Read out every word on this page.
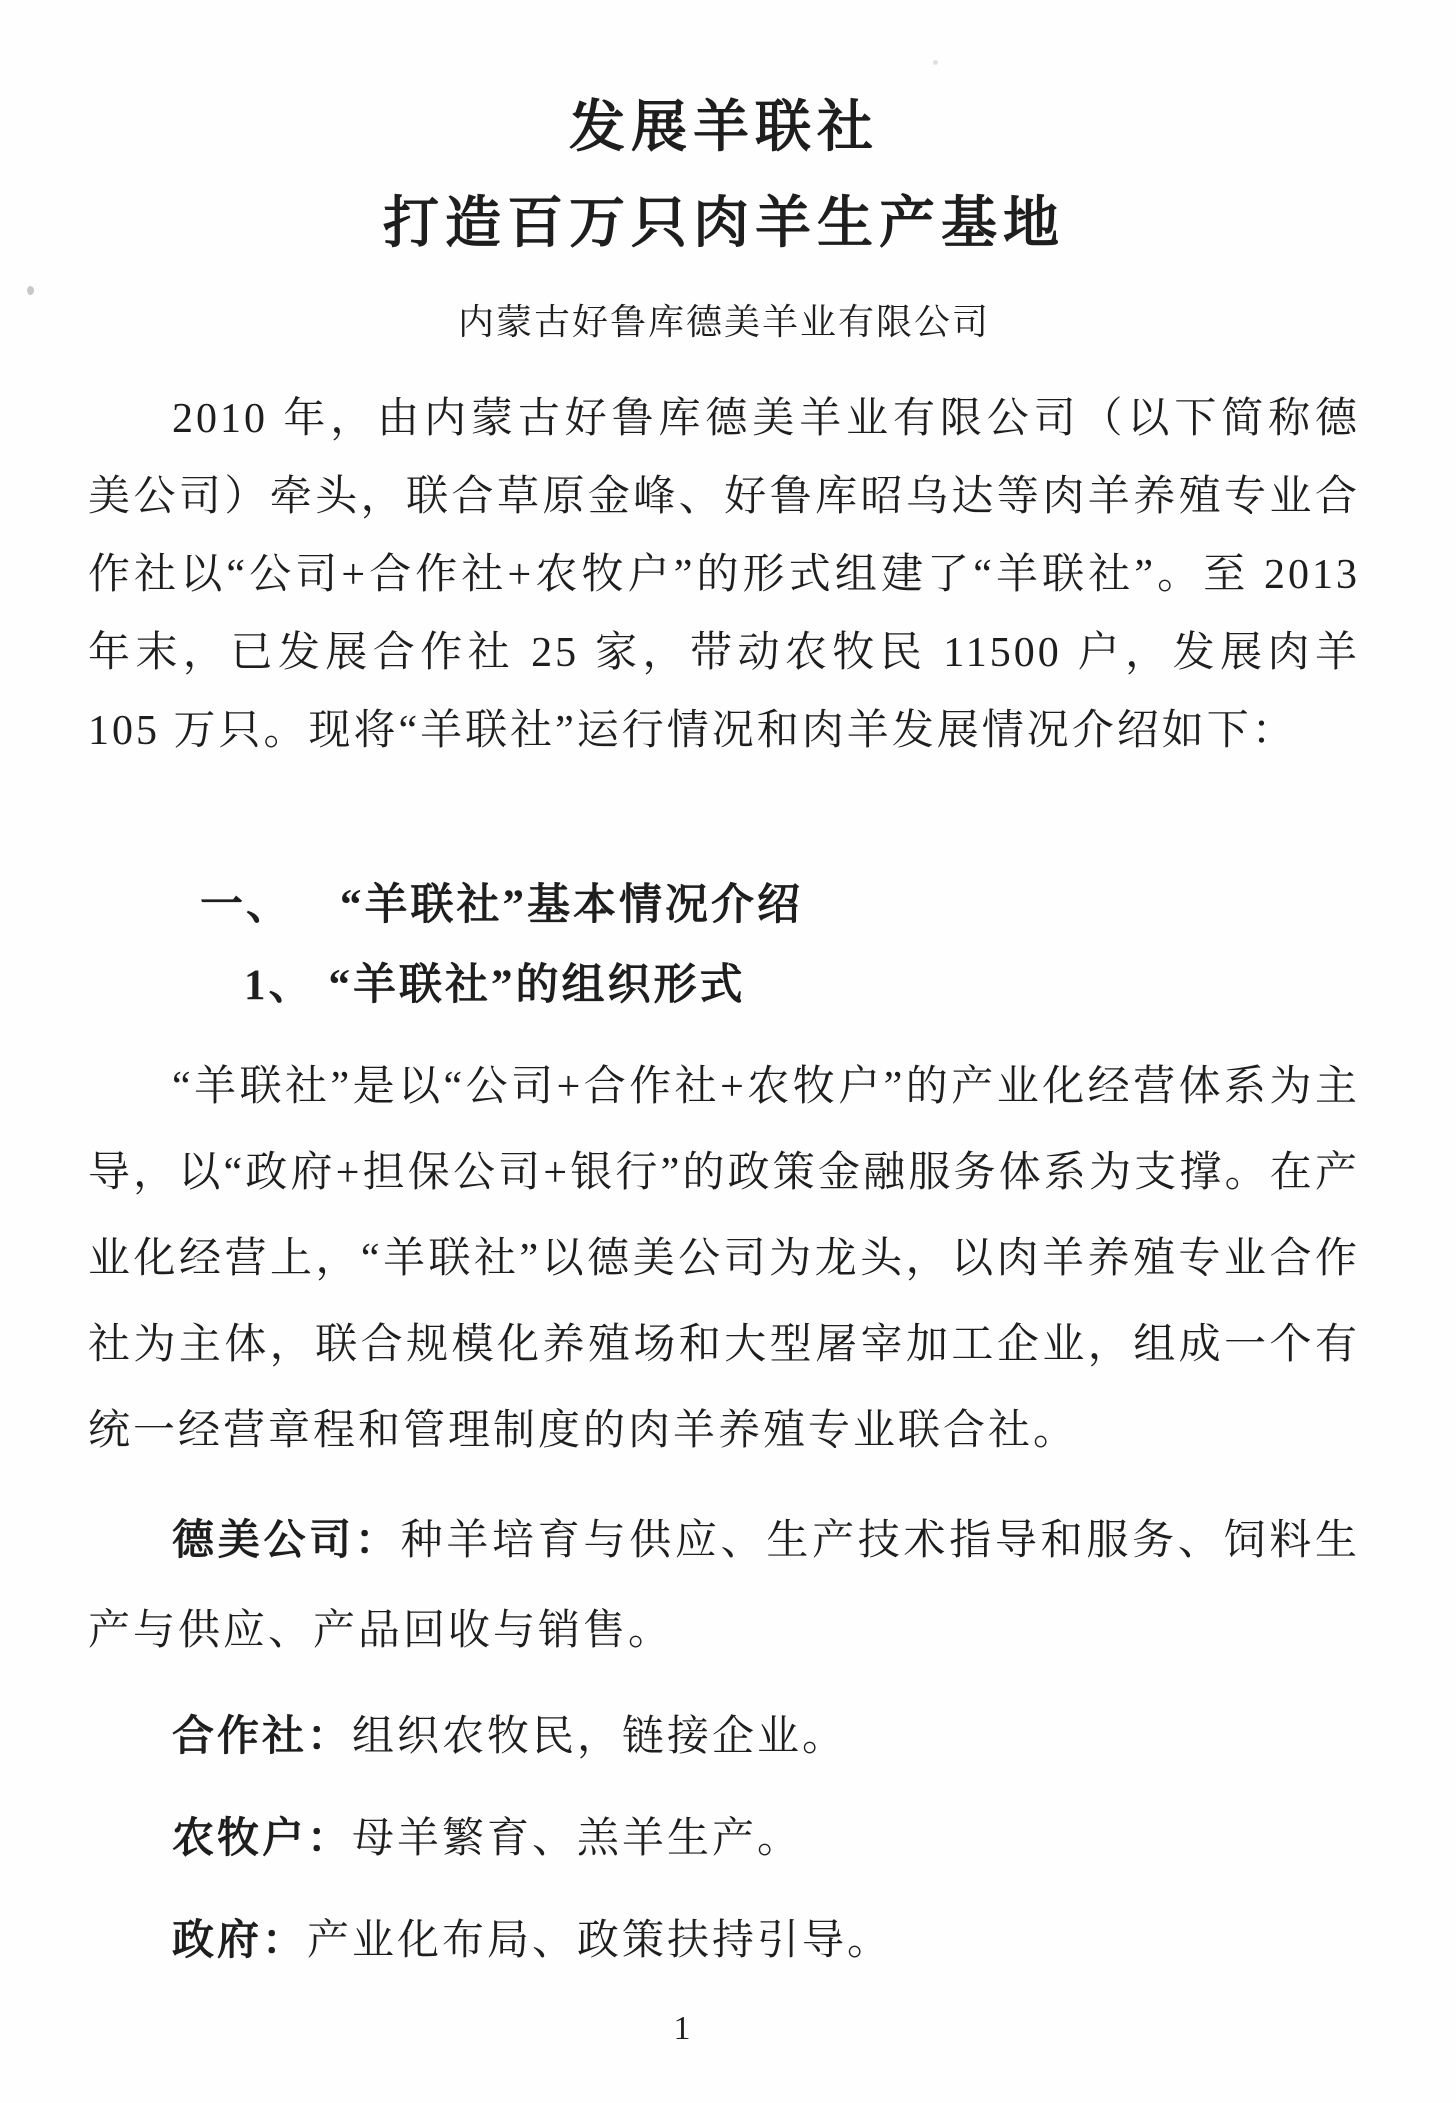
发展羊联社
打造百万只肉羊生产基地
内蒙古好鲁库德美羊业有限公司

2010 年，由内蒙古好鲁库德美羊业有限公司（以下简称德美公司）牵头，联合草原金峰、好鲁库昭乌达等肉羊养殖专业合作社以“公司+合作社+农牧户”的形式组建了“羊联社”。至 2013 年末，已发展合作社 25 家，带动农牧民 11500 户，发展肉羊 105 万只。现将“羊联社”运行情况和肉羊发展情况介绍如下：

一、 “羊联社”基本情况介绍
1、 “羊联社”的组织形式

“羊联社”是以“公司+合作社+农牧户”的产业化经营体系为主导，以“政府+担保公司+银行”的政策金融服务体系为支撑。在产业化经营上，“羊联社”以德美公司为龙头，以肉羊养殖专业合作社为主体，联合规模化养殖场和大型屠宰加工企业，组成一个有统一经营章程和管理制度的肉羊养殖专业联合社。

德美公司：种羊培育与供应、生产技术指导和服务、饲料生产与供应、产品回收与销售。

合作社：组织农牧民，链接企业。

农牧户：母羊繁育、羔羊生产。

政府：产业化布局、政策扶持引导。

1
